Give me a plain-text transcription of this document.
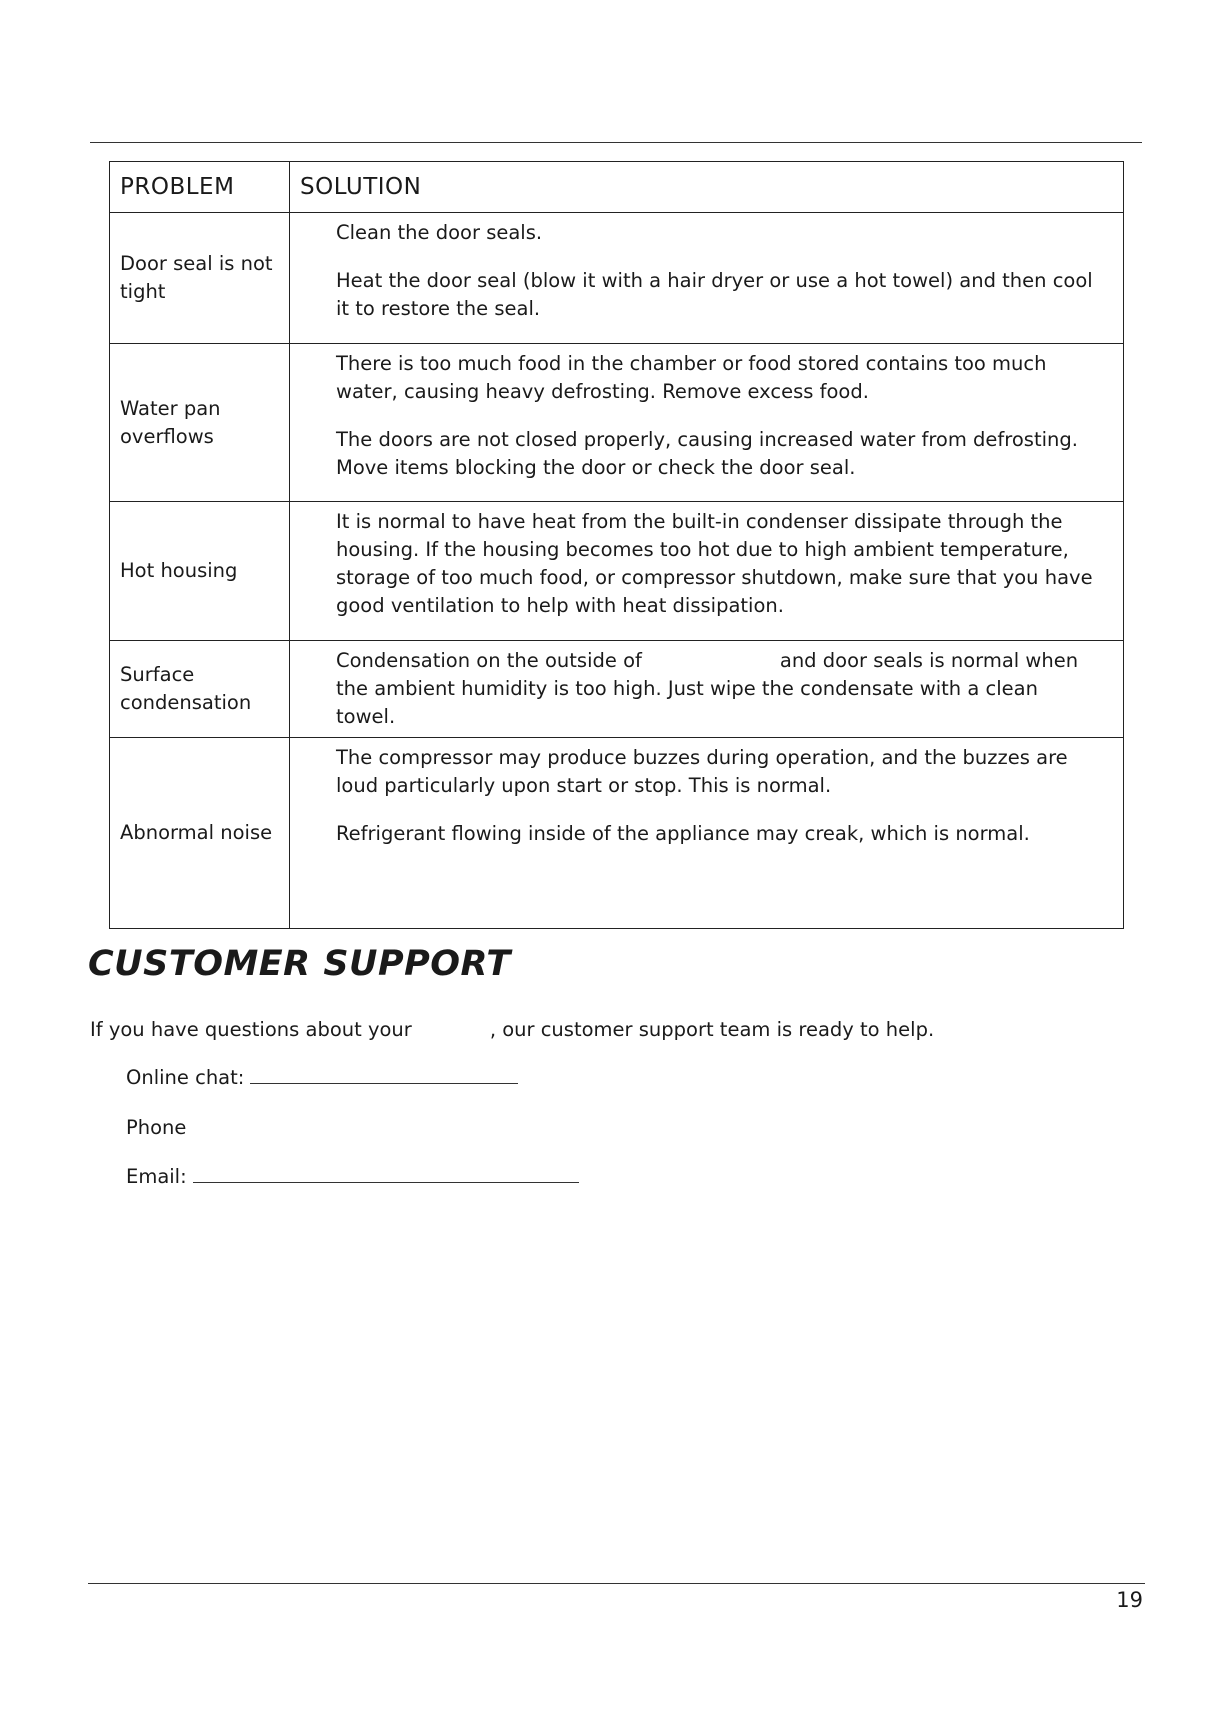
PROBLEM	SOLUTION
Door seal is not tight	Clean the door seals.

Heat the door seal (blow it with a hair dryer or use a hot towel) and then cool it to restore the seal.

Water pan overflows	There is too much food in the chamber or food stored contains too much water, causing heavy defrosting. Remove excess food.

The doors are not closed properly, causing increased water from defrosting. Move items blocking the door or check the door seal.

Hot housing	It is normal to have heat from the built-in condenser dissipate through the housing. If the housing becomes too hot due to high ambient temperature, storage of too much food, or compressor shutdown, make sure that you have good ventilation to help with heat dissipation.

Surface condensation	Condensation on the outside of and door seals is normal when the ambient humidity is too high. Just wipe the condensate with a clean towel.

Abnormal noise	The compressor may produce buzzes during operation, and the buzzes are loud particularly upon start or stop. This is normal.

Refrigerant flowing inside of the appliance may creak, which is normal.

CUSTOMER SUPPORT

If you have questions about your	, our customer support team is ready to help.

Online chat:

Phone

Email:

19
